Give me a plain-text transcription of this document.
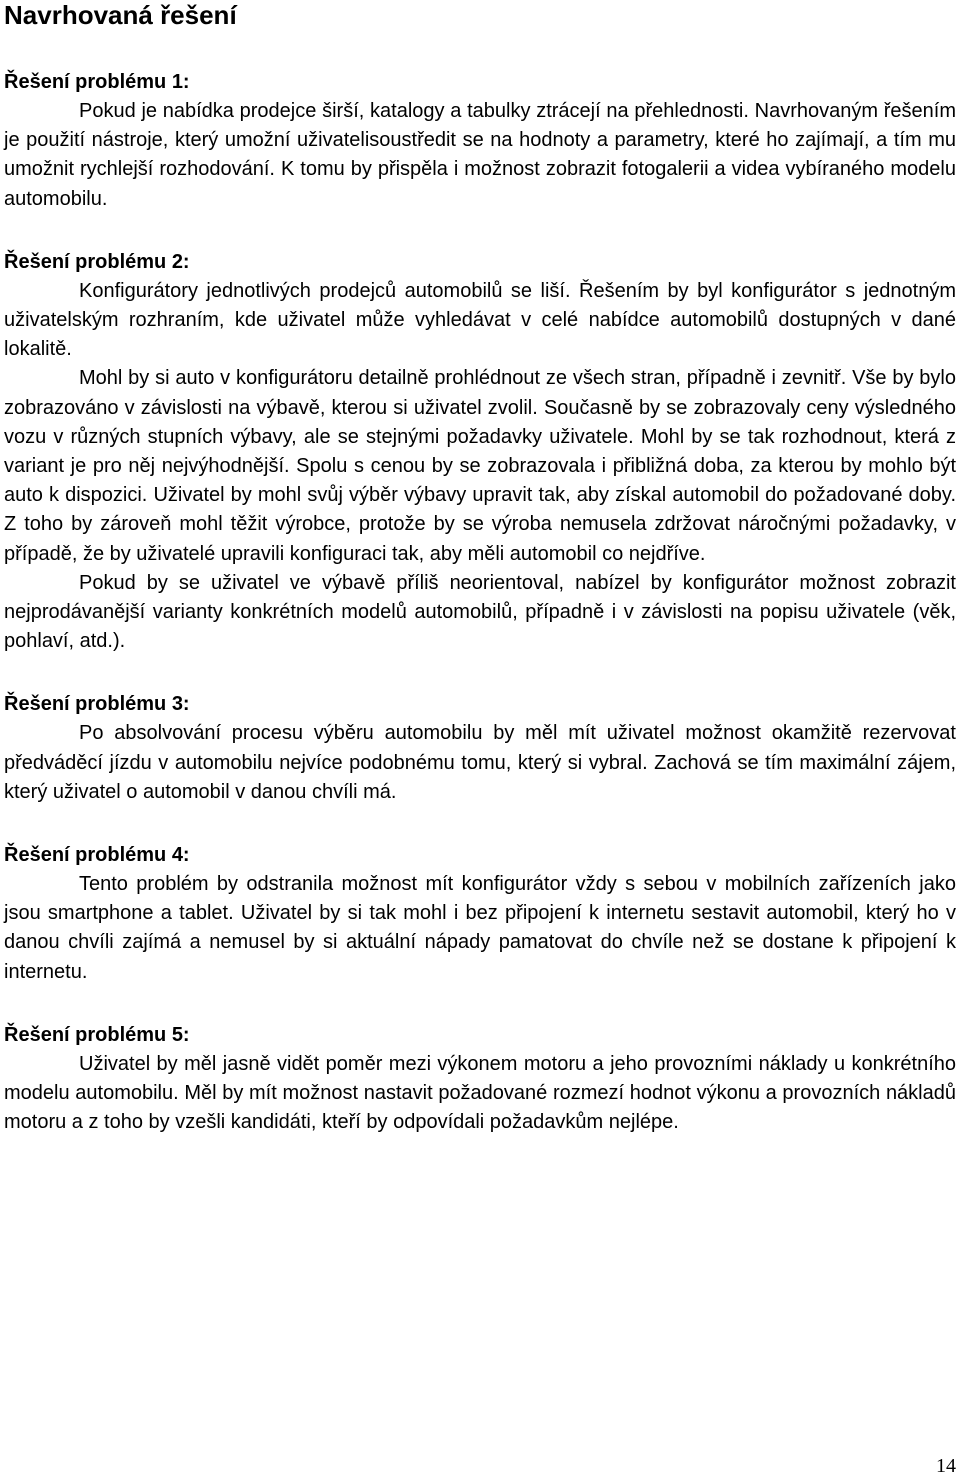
Navrhovaná řešení
Řešení problému 1:

Pokud je nabídka prodejce širší, katalogy a tabulky ztrácejí na přehlednosti. Navrhovaným řešením je použití nástroje, který umožní uživatelisoustředit se na hodnoty a parametry, které ho zajímají, a tím mu umožnit rychlejší rozhodování. K tomu by přispěla i možnost zobrazit fotogalerii a videa vybíraného modelu automobilu.

Řešení problému 2:

Konfigurátory jednotlivých prodejců automobilů se liší. Řešením by byl konfigurátor s jednotným uživatelským rozhraním, kde uživatel může vyhledávat v celé nabídce automobilů dostupných v dané lokalitě.

Mohl by si auto v konfigurátoru detailně prohlédnout ze všech stran, případně i zevnitř. Vše by bylo zobrazováno v závislosti na výbavě, kterou si uživatel zvolil. Současně by se zobrazovaly ceny výsledného vozu v různých stupních výbavy, ale se stejnými požadavky uživatele. Mohl by se tak rozhodnout, která z variant je pro něj nejvýhodnější. Spolu s cenou by se zobrazovala i přibližná doba, za kterou by mohlo být auto k dispozici. Uživatel by mohl svůj výběr výbavy upravit tak, aby získal automobil do požadované doby. Z toho by zároveň mohl těžit výrobce, protože by se výroba nemusela zdržovat náročnými požadavky, v případě, že by uživatelé upravili konfiguraci tak, aby měli automobil co nejdříve.

Pokud by se uživatel ve výbavě příliš neorientoval, nabízel by konfigurátor možnost zobrazit nejprodávanější varianty konkrétních modelů automobilů, případně i v závislosti na popisu uživatele (věk, pohlaví, atd.).

Řešení problému 3:

Po absolvování procesu výběru automobilu by měl mít uživatel možnost okamžitě rezervovat předváděcí jízdu v automobilu nejvíce podobnému tomu, který si vybral. Zachová se tím maximální zájem, který uživatel o automobil v danou chvíli má.

Řešení problému 4:

Tento problém by odstranila možnost mít konfigurátor vždy s sebou v mobilních zařízeních jako jsou smartphone a tablet. Uživatel by si tak mohl i bez připojení k internetu sestavit automobil, který ho v danou chvíli zajímá a nemusel by si aktuální nápady pamatovat do chvíle než se dostane k připojení k internetu.

Řešení problému 5:

Uživatel by měl jasně vidět poměr mezi výkonem motoru a jeho provozními náklady u konkrétního modelu automobilu. Měl by mít možnost nastavit požadované rozmezí hodnot výkonu a provozních nákladů motoru a z toho by vzešli kandidáti, kteří by odpovídali požadavkům nejlépe.

14
